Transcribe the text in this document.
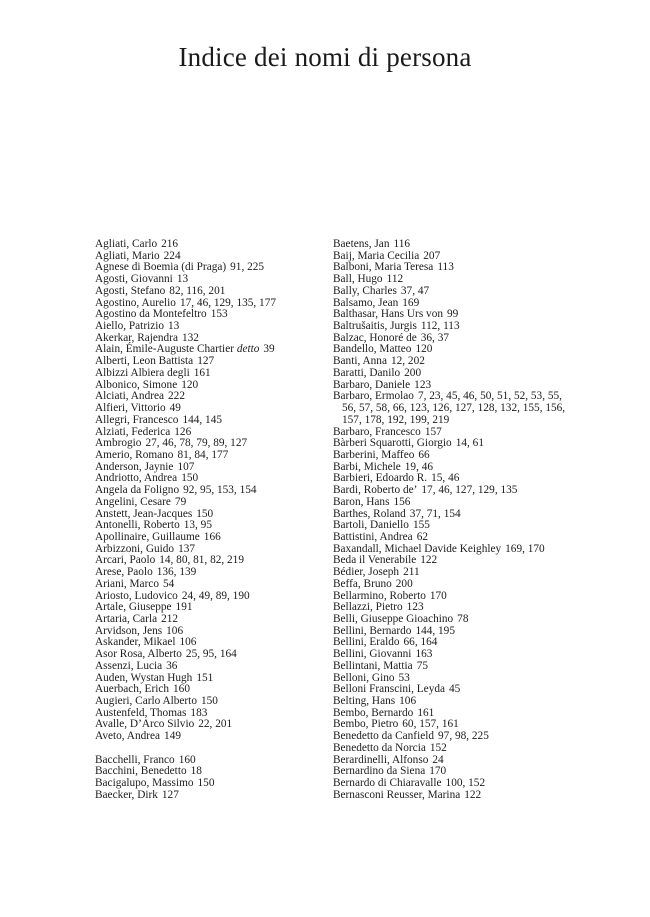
Indice dei nomi di persona
Agliati, Carlo 216
Agliati, Mario 224
Agnese di Boemia (di Praga) 91, 225
Agosti, Giovanni 13
Agosti, Stefano 82, 116, 201
Agostino, Aurelio 17, 46, 129, 135, 177
Agostino da Montefeltro 153
Aiello, Patrizio 13
Akerkar, Rajendra 132
Alain, Émile-Auguste Chartier detto 39
Alberti, Leon Battista 127
Albizzi Albiera degli 161
Albonico, Simone 120
Alciati, Andrea 222
Alfieri, Vittorio 49
Allegri, Francesco 144, 145
Alziati, Federica 126
Ambrogio 27, 46, 78, 79, 89, 127
Amerio, Romano 81, 84, 177
Anderson, Jaynie 107
Andriotto, Andrea 150
Angela da Foligno 92, 95, 153, 154
Angelini, Cesare 79
Anstett, Jean-Jacques 150
Antonelli, Roberto 13, 95
Apollinaire, Guillaume 166
Arbizzoni, Guido 137
Arcari, Paolo 14, 80, 81, 82, 219
Arese, Paolo 136, 139
Ariani, Marco 54
Ariosto, Ludovico 24, 49, 89, 190
Artale, Giuseppe 191
Artaria, Carla 212
Arvidson, Jens 106
Askander, Mikael 106
Asor Rosa, Alberto 25, 95, 164
Assenzi, Lucia 36
Auden, Wystan Hugh 151
Auerbach, Erich 160
Augieri, Carlo Alberto 150
Austenfeld, Thomas 183
Avalle, D’Arco Silvio 22, 201
Aveto, Andrea 149
Bacchelli, Franco 160
Bacchini, Benedetto 18
Bacigalupo, Massimo 150
Baecker, Dirk 127
Baetens, Jan 116
Baij, Maria Cecilia 207
Balboni, Maria Teresa 113
Ball, Hugo 112
Bally, Charles 37, 47
Balsamo, Jean 169
Balthasar, Hans Urs von 99
Baltrušaitis, Jurgis 112, 113
Balzac, Honoré de 36, 37
Bandello, Matteo 120
Banti, Anna 12, 202
Baratti, Danilo 200
Barbaro, Daniele 123
Barbaro, Ermolao 7, 23, 45, 46, 50, 51, 52, 53, 55, 56, 57, 58, 66, 123, 126, 127, 128, 132, 155, 156, 157, 178, 192, 199, 219
Barbaro, Francesco 157
Bàrberi Squarotti, Giorgio 14, 61
Barberini, Maffeo 66
Barbi, Michele 19, 46
Barbieri, Edoardo R. 15, 46
Bardi, Roberto de’ 17, 46, 127, 129, 135
Baron, Hans 156
Barthes, Roland 37, 71, 154
Bartoli, Daniello 155
Battistini, Andrea 62
Baxandall, Michael Davide Keighley 169, 170
Beda il Venerabile 122
Bédier, Joseph 211
Beffa, Bruno 200
Bellarmino, Roberto 170
Bellazzi, Pietro 123
Belli, Giuseppe Gioachino 78
Bellini, Bernardo 144, 195
Bellini, Eraldo 66, 164
Bellini, Giovanni 163
Bellintani, Mattia 75
Belloni, Gino 53
Belloni Franscini, Leyda 45
Belting, Hans 106
Bembo, Bernardo 161
Bembo, Pietro 60, 157, 161
Benedetto da Canfield 97, 98, 225
Benedetto da Norcia 152
Berardinelli, Alfonso 24
Bernardino da Siena 170
Bernardo di Chiaravalle 100, 152
Bernasconi Reusser, Marina 122
